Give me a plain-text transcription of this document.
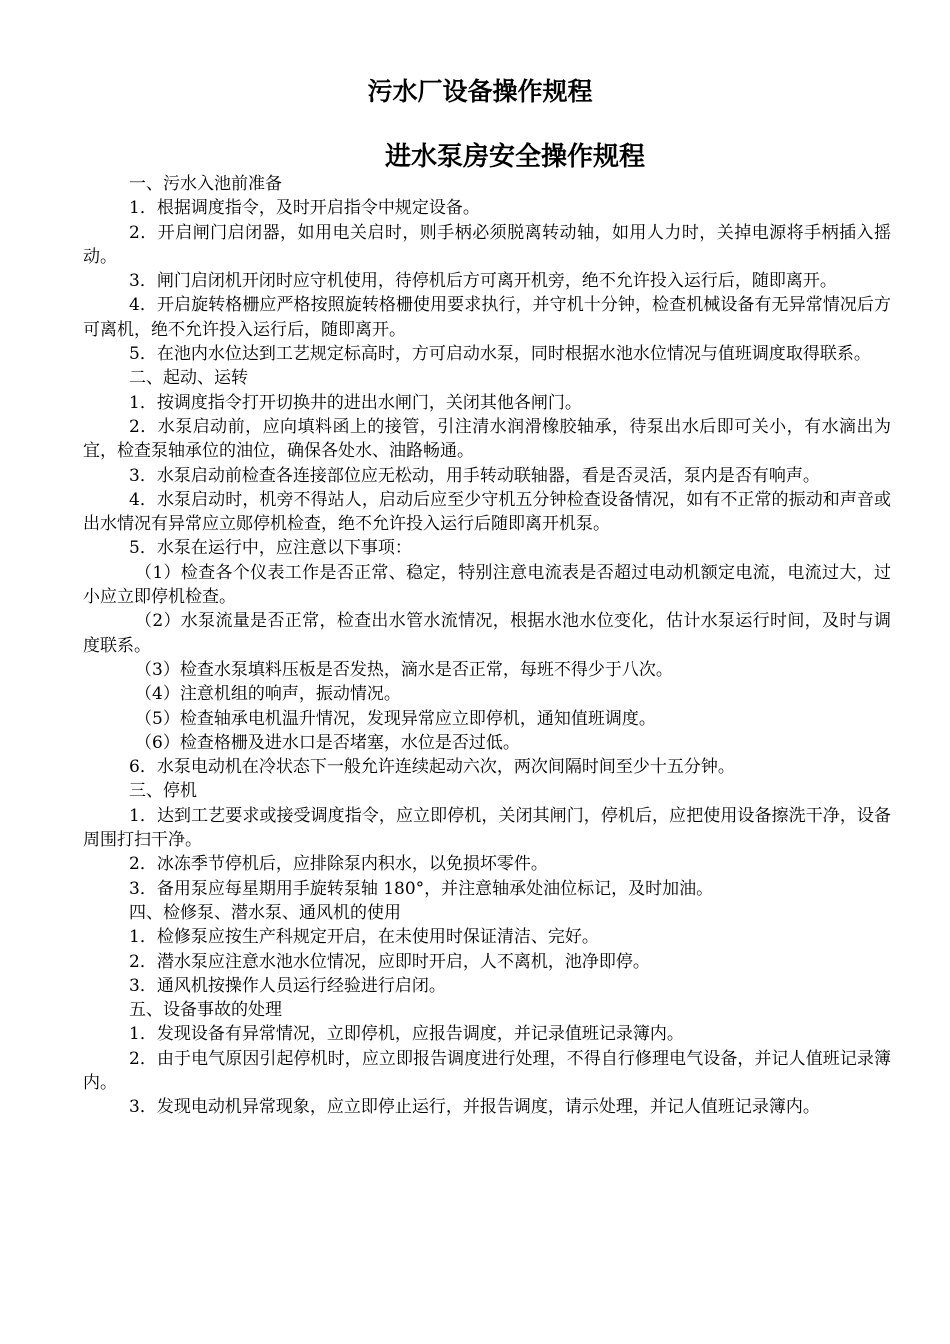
污水厂设备操作规程
进水泵房安全操作规程

一、污水入池前准备

1．根据调度指令，及时开启指令中规定设备。

2．开启闸门启闭器，如用电关启时，则手柄必须脱离转动轴，如用人力时，关掉电源将手柄插入摇动。

3．闸门启闭机开闭时应守机使用，待停机后方可离开机旁，绝不允许投入运行后，随即离开。

4．开启旋转格栅应严格按照旋转格栅使用要求执行，并守机十分钟，检查机械设备有无异常情况后方可离机，绝不允许投入运行后，随即离开。

5．在池内水位达到工艺规定标高时，方可启动水泵，同时根据水池水位情况与值班调度取得联系。

二、起动、运转

1．按调度指令打开切换井的进出水闸门，关闭其他各闸门。

2．水泵启动前，应向填料函上的接管，引注清水润滑橡胶轴承，待泵出水后即可关小，有水滴出为宜，检查泵轴承位的油位，确保各处水、油路畅通。

3．水泵启动前检查各连接部位应无松动，用手转动联轴器，看是否灵活，泵内是否有响声。

4．水泵启动时，机旁不得站人，启动后应至少守机五分钟检查设备情况，如有不正常的振动和声音或出水情况有异常应立郧停机检查，绝不允许投入运行后随即离开机泵。

5．水泵在运行中，应注意以下事项：

（1）检查各个仪表工作是否正常、稳定，特别注意电流表是否超过电动机额定电流，电流过大，过小应立即停机检查。

（2）水泵流量是否正常，检查出水管水流情况，根据水池水位变化，估计水泵运行时间，及时与调度联系。

（3）检查水泵填料压板是否发热，滴水是否正常，每班不得少于八次。

（4）注意机组的响声，振动情况。

（5）检查轴承电机温升情况，发现异常应立即停机，通知值班调度。

（6）检查格栅及进水口是否堵塞，水位是否过低。

6．水泵电动机在冷状态下一般允许连续起动六次，两次间隔时间至少十五分钟。

三、停机

1．达到工艺要求或接受调度指令，应立即停机，关闭其闸门，停机后，应把使用设备擦洗干净，设备周围打扫干净。

2．冰冻季节停机后，应排除泵内积水，以免损坏零件。

3．备用泵应每星期用手旋转泵轴 180°，并注意轴承处油位标记，及时加油。

四、检修泵、潜水泵、通风机的使用

1．检修泵应按生产科规定开启，在未使用时保证清洁、完好。

2．潜水泵应注意水池水位情况，应即时开启，人不离机，池净即停。

3．通风机按操作人员运行经验进行启闭。

五、设备事故的处理

1．发现设备有异常情况，立即停机，应报告调度，并记录值班记录簿内。

2．由于电气原因引起停机时，应立即报告调度进行处理，不得自行修理电气设备，并记人值班记录簿内。

3．发现电动机异常现象，应立即停止运行，并报告调度，请示处理，并记人值班记录簿内。
